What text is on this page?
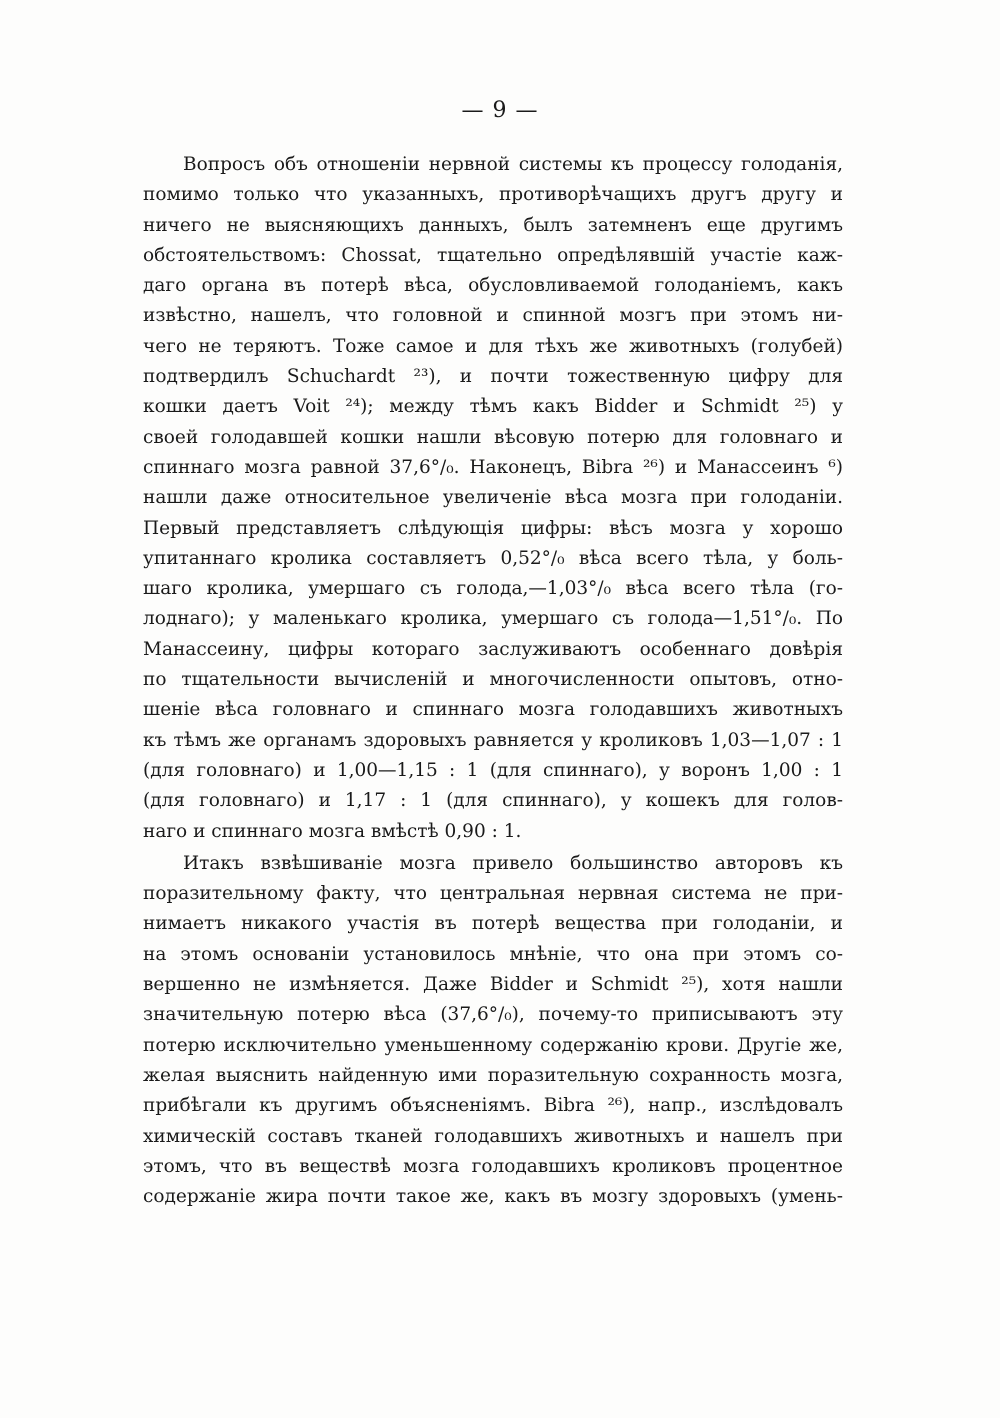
— 9 —
Вопросъ объ отношеніи нервной системы къ процессу голоданія,
помимо только что указанныхъ, противорѣчащихъ другъ другу и
ничего не выясняющихъ данныхъ, былъ затемненъ еще другимъ
обстоятельствомъ: Chossat, тщательно опредѣлявшій участіе каж-
даго органа въ потерѣ вѣса, обусловливаемой голоданіемъ, какъ
извѣстно, нашелъ, что головной и спинной мозгъ при этомъ ни-
чего не теряютъ. Тоже самое и для тѣхъ же животныхъ (голубей)
подтвердилъ Schuchardt ²³), и почти тожественную цифру для
кошки даетъ Voit ²⁴); между тѣмъ какъ Bidder и Schmidt ²⁵) у
своей голодавшей кошки нашли вѣсовую потерю для головнаго и
спиннаго мозга равной 37,6°/₀. Наконецъ, Bibra ²⁶) и Манассеинъ ⁶)
нашли даже относительное увеличеніе вѣса мозга при голоданіи.
Первый представляетъ слѣдующія цифры: вѣсъ мозга у хорошо
упитаннаго кролика составляетъ 0,52°/₀ вѣса всего тѣла, у боль-
шаго кролика, умершаго съ голода,—1,03°/₀ вѣса всего тѣла (го-
лоднаго); у маленькаго кролика, умершаго съ голода—1,51°/₀. По
Манассеину, цифры котораго заслуживаютъ особеннаго довѣрія
по тщательности вычисленій и многочисленности опытовъ, отно-
шеніе вѣса головнаго и спиннаго мозга голодавшихъ животныхъ
къ тѣмъ же органамъ здоровыхъ равняется у кроликовъ 1,03—1,07 : 1
(для головнаго) и 1,00—1,15 : 1 (для спиннаго), у воронъ 1,00 : 1
(для головнаго) и 1,17 : 1 (для спиннаго), у кошекъ для голов-
наго и спиннаго мозга вмѣстѣ 0,90 : 1.
Итакъ взвѣшиваніе мозга привело большинство авторовъ къ
поразительному факту, что центральная нервная система не при-
нимаетъ никакого участія въ потерѣ вещества при голоданіи, и
на этомъ основаніи установилось мнѣніе, что она при этомъ со-
вершенно не измѣняется. Даже Bidder и Schmidt ²⁵), хотя нашли
значительную потерю вѣса (37,6°/₀), почему-то приписываютъ эту
потерю исключительно уменьшенному содержанію крови. Другіе же,
желая выяснить найденную ими поразительную сохранность мозга,
прибѣгали къ другимъ объясненіямъ. Bibra ²⁶), напр., изслѣдовалъ
химическій составъ тканей голодавшихъ животныхъ и нашелъ при
этомъ, что въ веществѣ мозга голодавшихъ кроликовъ процентное
содержаніе жира почти такое же, какъ въ мозгу здоровыхъ (умень-
